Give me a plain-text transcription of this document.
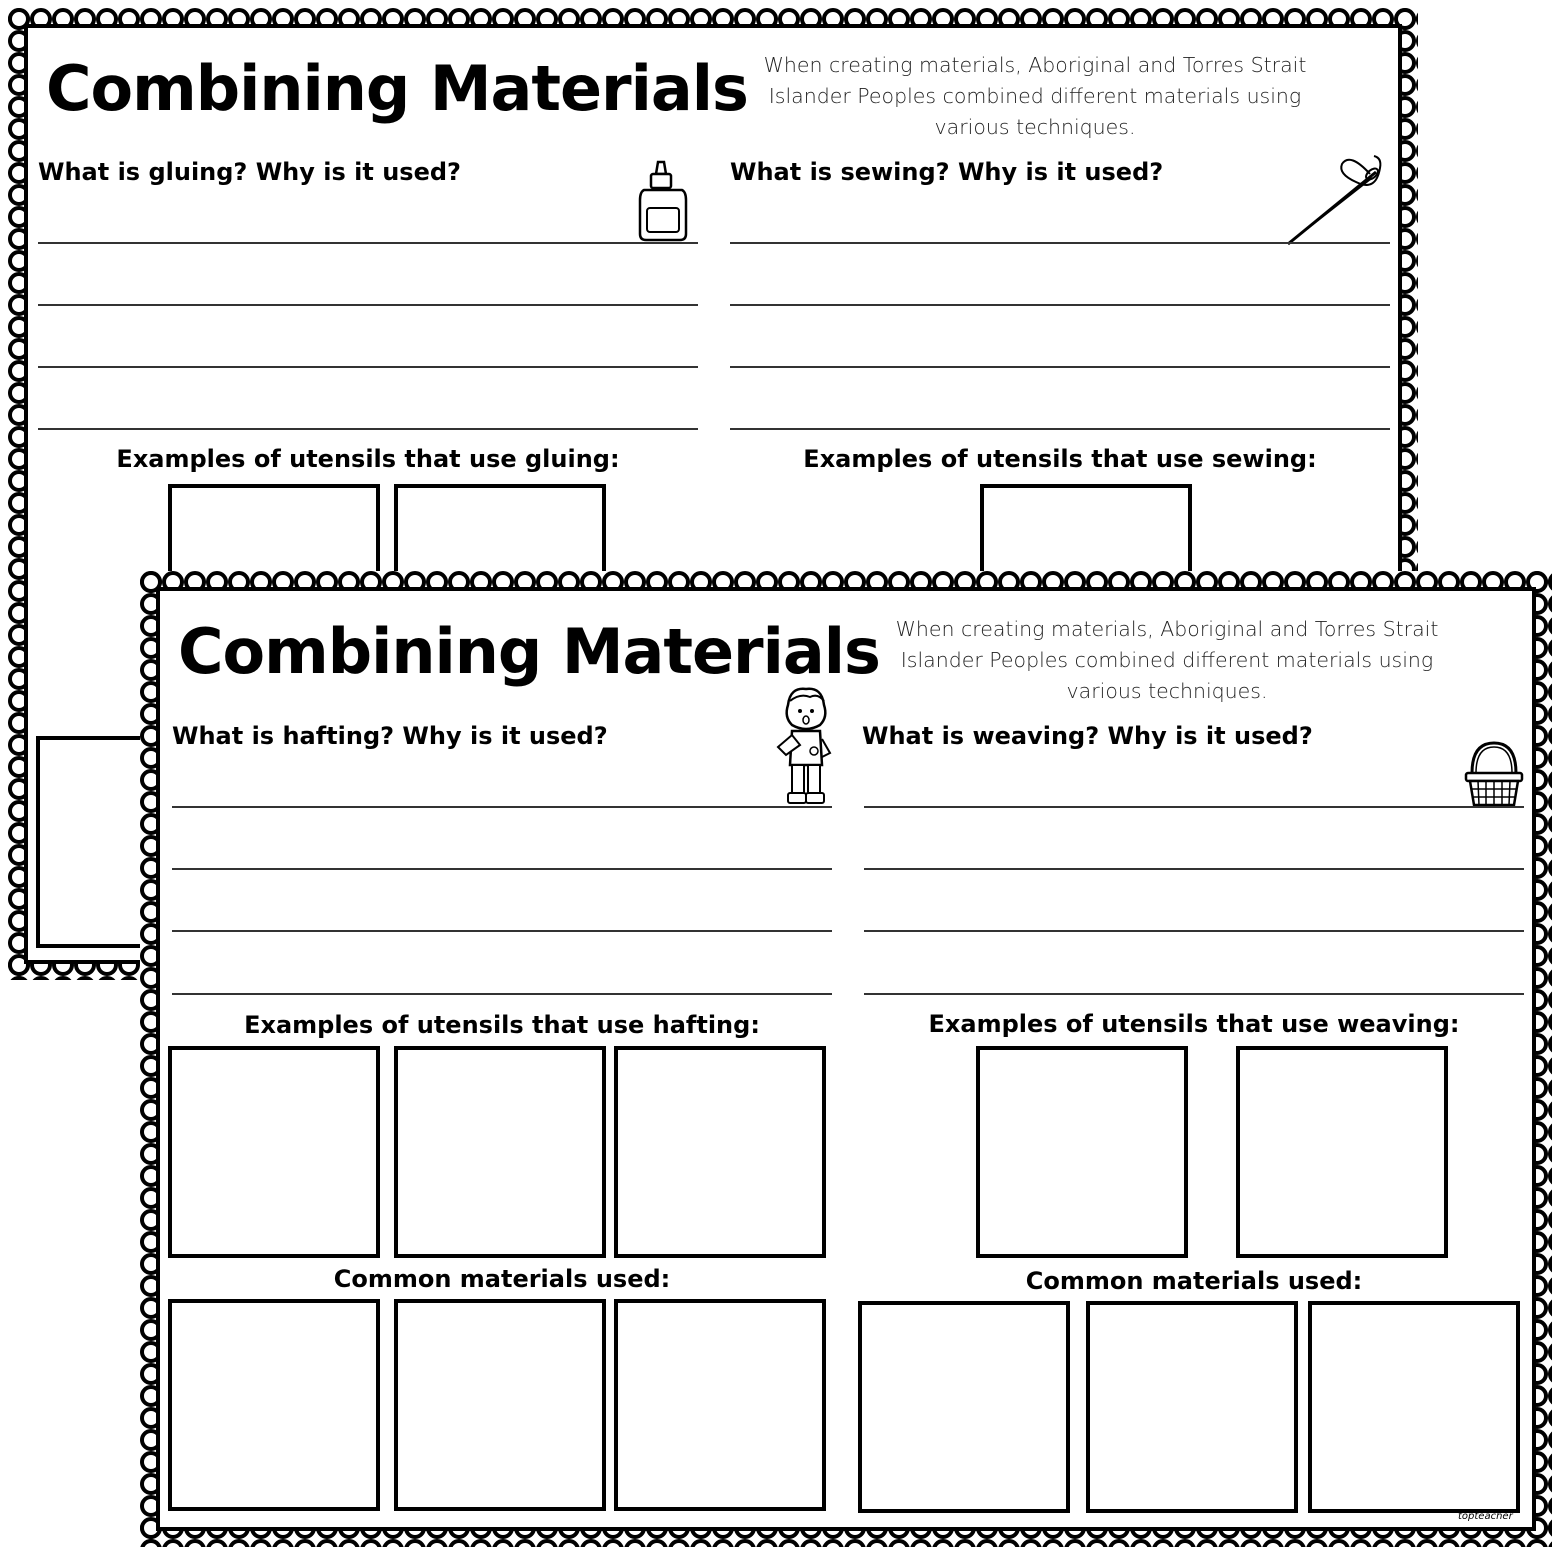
Combining Materials When creating materials, Aboriginal and Torres Strait Islander Peoples combined different materials using various techniques.
What is gluing? Why is it used?	What is sewing? Why is it used?
Examples of utensils that use gluing:	Examples of utensils that use sewing:
Combining Materials When creating materials, Aboriginal and Torres Strait Islander Peoples combined different materials using various techniques.
What is hafting? Why is it used?
Examples of utensils that use hafting:
Common materials used:
What is weaving? Why is it used?
Examples of utensils that use weaving:
Common materials used:
topteacher
